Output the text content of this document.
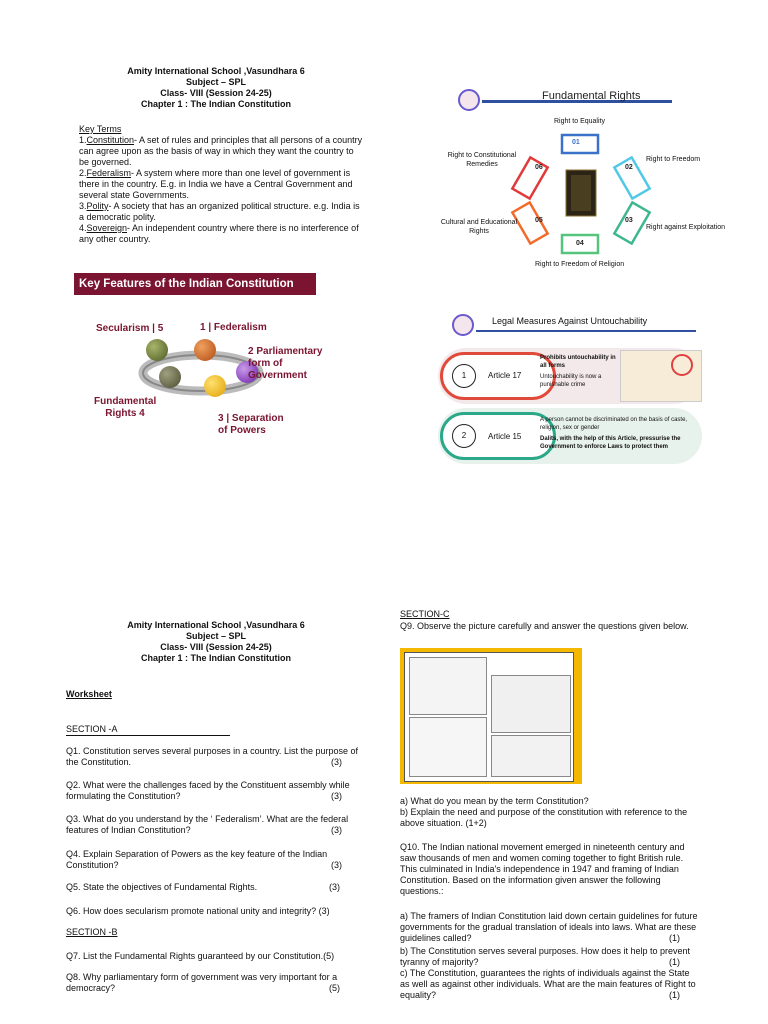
Amity International School ,Vasundhara 6
Subject – SPL
Class- VIII (Session 24-25)
Chapter 1 : The Indian Constitution

Key Terms

1.Constitution- A set of rules and principles that all persons of a country can agree upon as the basis of way in which they want the country to be governed.

2.Federalism- A system where more than one level of government is there in the country. E.g. in India we have a Central Government and several state Governments.

3.Polity- A society that has an organized political structure. e.g. India is a democratic polity.

4.Sovereign- An independent country where there is no interference of any other country.

Key Features of the Indian Constitution
Secularism | 5	1 | Federalism
2 Parliamentary form of Government
Fundamental Rights 4	3 | Separation of Powers
Fundamental Rights
01
02
03
04
05
06
Right to Equality
Right to Freedom
Right against Exploitation
Right to Freedom of Religion
Cultural and Educational Rights
Right to Constitutional Remedies
Legal Measures Against Untouchability
1	Article 17

Prohibits untouchability in all forms

Untouchability is now a punishable crime

2	Article 15

A person cannot be discriminated on the basis of caste, religion, sex or gender

Dalits, with the help of this Article, pressurise the Government to enforce Laws to protect them

Amity International School ,Vasundhara 6
Subject – SPL
Class- VIII (Session 24-25)
Chapter 1 : The Indian Constitution
Worksheet
SECTION -A
Q1. Constitution serves several purposes in a country. List the purpose of the Constitution.	(3)
Q2. What were the challenges faced by the Constituent assembly while formulating the Constitution?	(3)
Q3. What do you understand by the ‘ Federalism’. What are the federal features of Indian Constitution?	(3)
Q4. Explain Separation of Powers as the key feature of the Indian Constitution?	(3)
Q5. State the objectives of Fundamental Rights.	(3)
Q6. How does secularism promote national unity and integrity? (3)
SECTION -B
Q7. List the Fundamental Rights guaranteed by our Constitution.(5)
Q8. Why parliamentary form of government was very important for a democracy?	(5)
SECTION-C
Q9. Observe the picture carefully and answer the questions given below.
a) What do you mean by the term Constitution?
b) Explain the need and purpose of the constitution with reference to the above situation. (1+2)
Q10. The Indian national movement emerged in nineteenth century and saw thousands of men and women coming together to fight British rule. This culminated in India's independence in 1947 and framing of Indian Constitution. Based on the information given answer the following questions.:
a) The framers of Indian Constitution laid down certain guidelines for future governments for the gradual translation of ideals into laws. What are these guidelines called?	(1)
b) The Constitution serves several purposes. How does it help to prevent tyranny of majority?	(1)
c) The Constitution, guarantees the rights of individuals against the State as well as against other individuals. What are the main features of Right to equality?	(1)
